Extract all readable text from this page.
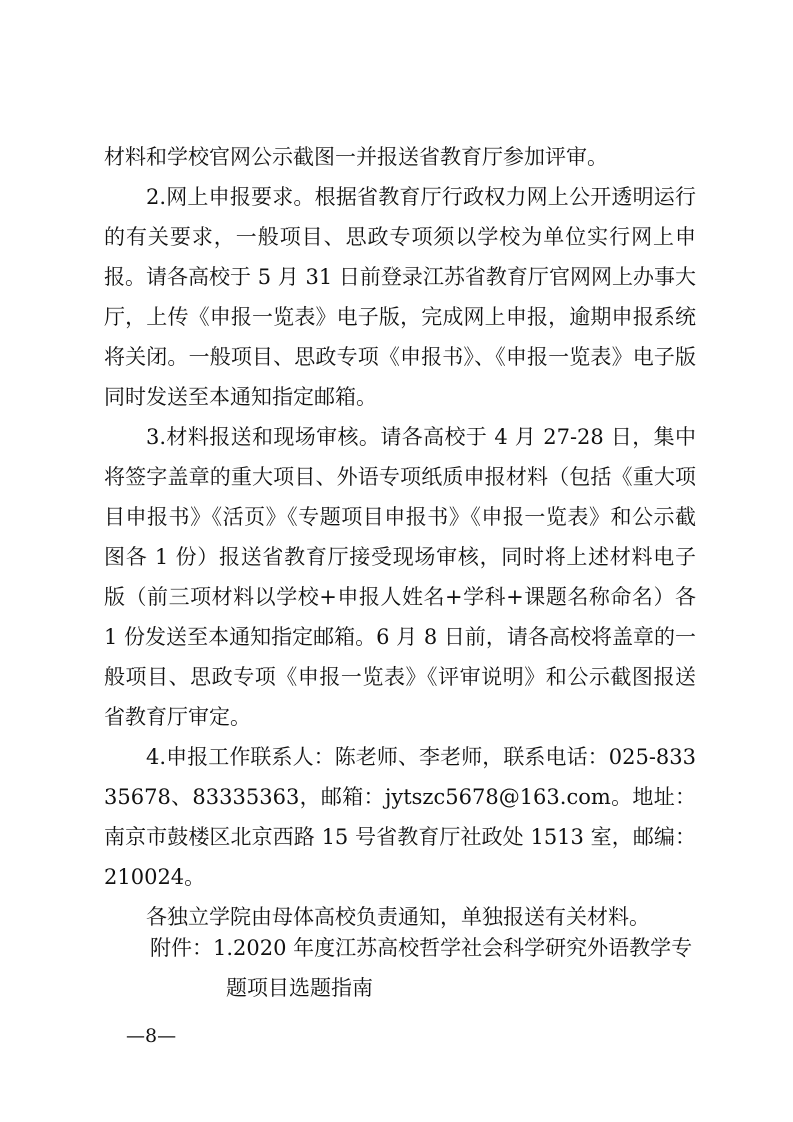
材料和学校官网公示截图一并报送省教育厅参加评审。

2.网上申报要求。根据省教育厅行政权力网上公开透明运行的有关要求，一般项目、思政专项须以学校为单位实行网上申报。请各高校于 5 月 31 日前登录江苏省教育厅官网网上办事大厅，上传《申报一览表》电子版，完成网上申报，逾期申报系统将关闭。一般项目、思政专项《申报书》、《申报一览表》电子版同时发送至本通知指定邮箱。

3.材料报送和现场审核。请各高校于 4 月 27-28 日，集中将签字盖章的重大项目、外语专项纸质申报材料（包括《重大项目申报书》《活页》《专题项目申报书》《申报一览表》和公示截图各 1 份）报送省教育厅接受现场审核，同时将上述材料电子版（前三项材料以学校+申报人姓名+学科+课题名称命名）各 1 份发送至本通知指定邮箱。6 月 8 日前，请各高校将盖章的一般项目、思政专项《申报一览表》《评审说明》和公示截图报送省教育厅审定。

4.申报工作联系人：陈老师、李老师，联系电话：025-83335678、83335363，邮箱：jytszc5678@163.com。地址：南京市鼓楼区北京西路 15 号省教育厅社政处 1513 室，邮编：210024。

各独立学院由母体高校负责通知，单独报送有关材料。

附件：1.2020 年度江苏高校哲学社会科学研究外语教学专
题项目选题指南
—8—
